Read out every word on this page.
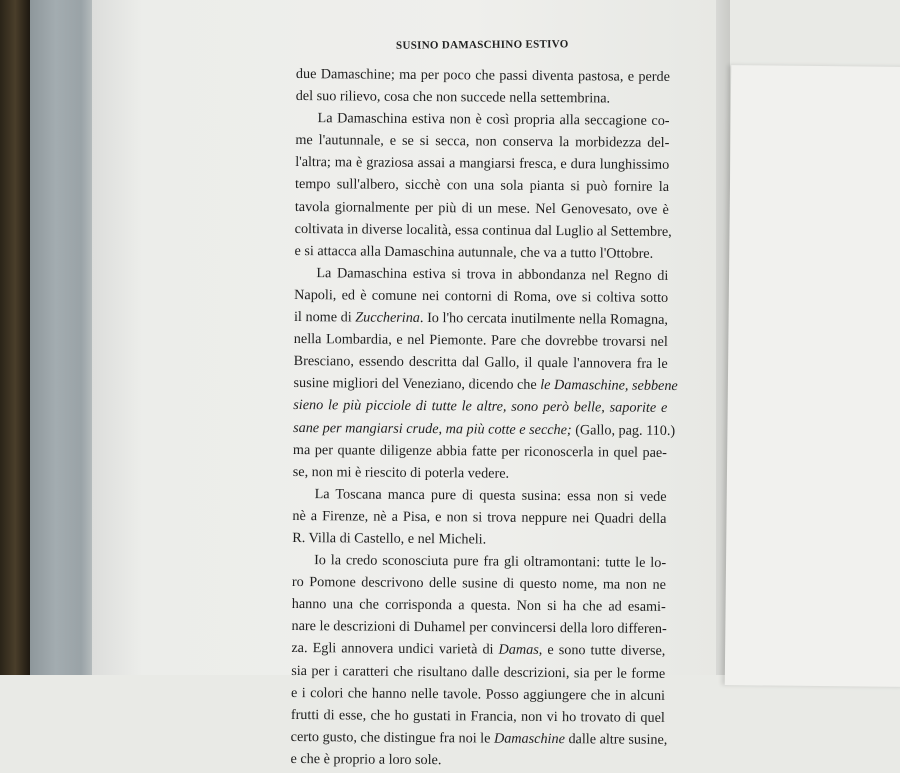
SUSINO DAMASCHINO ESTIVO
due Damaschine; ma per poco che passi diventa pastosa, e perde
del suo rilievo, cosa che non succede nella settembrina.
La Damaschina estiva non è così propria alla seccagione co-
me l'autunnale, e se si secca, non conserva la morbidezza del-
l'altra; ma è graziosa assai a mangiarsi fresca, e dura lunghissimo
tempo sull'albero, sicchè con una sola pianta si può fornire la
tavola giornalmente per più di un mese. Nel Genovesato, ove è
coltivata in diverse località, essa continua dal Luglio al Settembre,
e si attacca alla Damaschina autunnale, che va a tutto l'Ottobre.
La Damaschina estiva si trova in abbondanza nel Regno di
Napoli, ed è comune nei contorni di Roma, ove si coltiva sotto
il nome di Zuccherina. Io l'ho cercata inutilmente nella Romagna,
nella Lombardia, e nel Piemonte. Pare che dovrebbe trovarsi nel
Bresciano, essendo descritta dal Gallo, il quale l'annovera fra le
susine migliori del Veneziano, dicendo che le Damaschine, sebbene
sieno le più picciole di tutte le altre, sono però belle, saporite e
sane per mangiarsi crude, ma più cotte e secche; (Gallo, pag. 110.)
ma per quante diligenze abbia fatte per riconoscerla in quel pae-
se, non mi è riescito di poterla vedere.
La Toscana manca pure di questa susina: essa non si vede
nè a Firenze, nè a Pisa, e non si trova neppure nei Quadri della
R. Villa di Castello, e nel Micheli.
Io la credo sconosciuta pure fra gli oltramontani: tutte le lo-
ro Pomone descrivono delle susine di questo nome, ma non ne
hanno una che corrisponda a questa. Non si ha che ad esami-
nare le descrizioni di Duhamel per convincersi della loro differen-
za. Egli annovera undici varietà di Damas, e sono tutte diverse,
sia per i caratteri che risultano dalle descrizioni, sia per le forme
e i colori che hanno nelle tavole. Posso aggiungere che in alcuni
frutti di esse, che ho gustati in Francia, non vi ho trovato di quel
certo gusto, che distingue fra noi le Damaschine dalle altre susine,
e che è proprio a loro sole.
